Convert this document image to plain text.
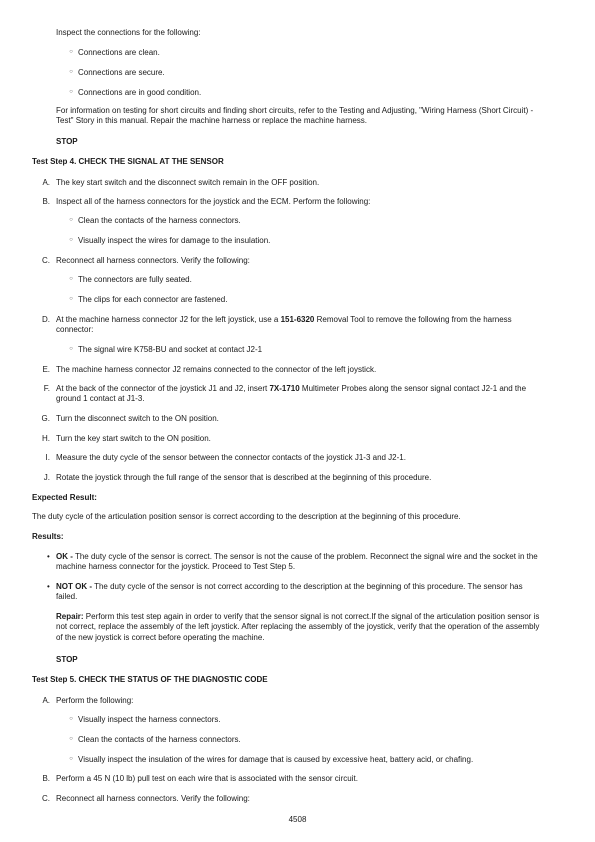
Inspect the connections for the following:
○ Connections are clean.
○ Connections are secure.
○ Connections are in good condition.
For information on testing for short circuits and finding short circuits, refer to the Testing and Adjusting, "Wiring Harness (Short Circuit) - Test" Story in this manual. Repair the machine harness or replace the machine harness.
STOP
Test Step 4. CHECK THE SIGNAL AT THE SENSOR
A. The key start switch and the disconnect switch remain in the OFF position.
B. Inspect all of the harness connectors for the joystick and the ECM. Perform the following:
○ Clean the contacts of the harness connectors.
○ Visually inspect the wires for damage to the insulation.
C. Reconnect all harness connectors. Verify the following:
○ The connectors are fully seated.
○ The clips for each connector are fastened.
D. At the machine harness connector J2 for the left joystick, use a 151-6320 Removal Tool to remove the following from the harness connector:
○ The signal wire K758-BU and socket at contact J2-1
E. The machine harness connector J2 remains connected to the connector of the left joystick.
F. At the back of the connector of the joystick J1 and J2, insert 7X-1710 Multimeter Probes along the sensor signal contact J2-1 and the ground 1 contact at J1-3.
G. Turn the disconnect switch to the ON position.
H. Turn the key start switch to the ON position.
I. Measure the duty cycle of the sensor between the connector contacts of the joystick J1-3 and J2-1.
J. Rotate the joystick through the full range of the sensor that is described at the beginning of this procedure.
Expected Result:
The duty cycle of the articulation position sensor is correct according to the description at the beginning of this procedure.
Results:
• OK - The duty cycle of the sensor is correct. The sensor is not the cause of the problem. Reconnect the signal wire and the socket in the machine harness connector for the joystick. Proceed to Test Step 5.
• NOT OK - The duty cycle of the sensor is not correct according to the description at the beginning of this procedure. The sensor has failed.
Repair: Perform this test step again in order to verify that the sensor signal is not correct.If the signal of the articulation position sensor is not correct, replace the assembly of the left joystick. After replacing the assembly of the joystick, verify that the operation of the assembly of the new joystick is correct before operating the machine.
STOP
Test Step 5. CHECK THE STATUS OF THE DIAGNOSTIC CODE
A. Perform the following:
○ Visually inspect the harness connectors.
○ Clean the contacts of the harness connectors.
○ Visually inspect the insulation of the wires for damage that is caused by excessive heat, battery acid, or chafing.
B. Perform a 45 N (10 lb) pull test on each wire that is associated with the sensor circuit.
C. Reconnect all harness connectors. Verify the following:
4508
